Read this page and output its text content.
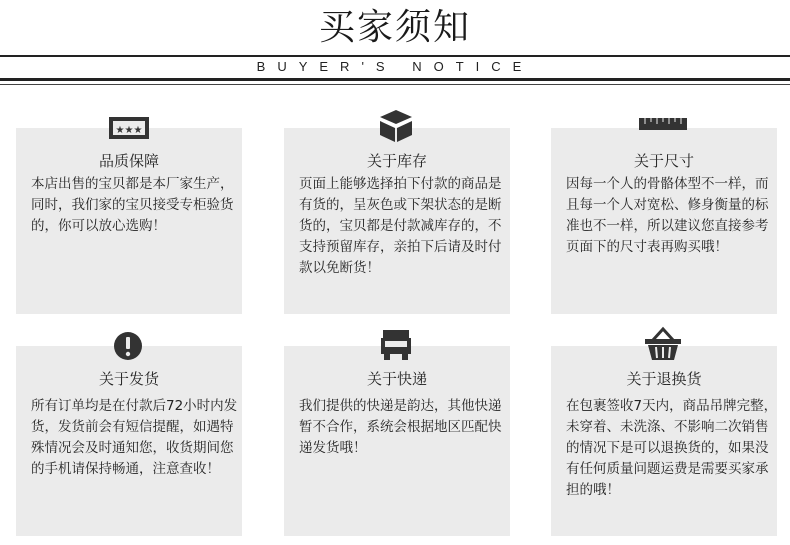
买家须知
BUYER'S NOTICE
★★★
品质保障
本店出售的宝贝都是本厂家生产，同时，我们家的宝贝接受专柜验货的，你可以放心选购！
关于库存
页面上能够选择拍下付款的商品是有货的，呈灰色或下架状态的是断货的，宝贝都是付款减库存的，不支持预留库存，亲拍下后请及时付款以免断货！
关于尺寸
因每一个人的骨骼体型不一样，而且每一个人对宽松、修身衡量的标准也不一样，所以建议您直接参考页面下的尺寸表再购买哦！
关于发货
所有订单均是在付款后72小时内发货，发货前会有短信提醒，如遇特殊情况会及时通知您，收货期间您的手机请保持畅通，注意查收！
关于快递
我们提供的快递是韵达，其他快递暂不合作，系统会根据地区匹配快递发货哦！
关于退换货
在包裹签收7天内，商品吊牌完整，未穿着、未洗涤、不影响二次销售的情况下是可以退换货的，如果没有任何质量问题运费是需要买家承担的哦！
